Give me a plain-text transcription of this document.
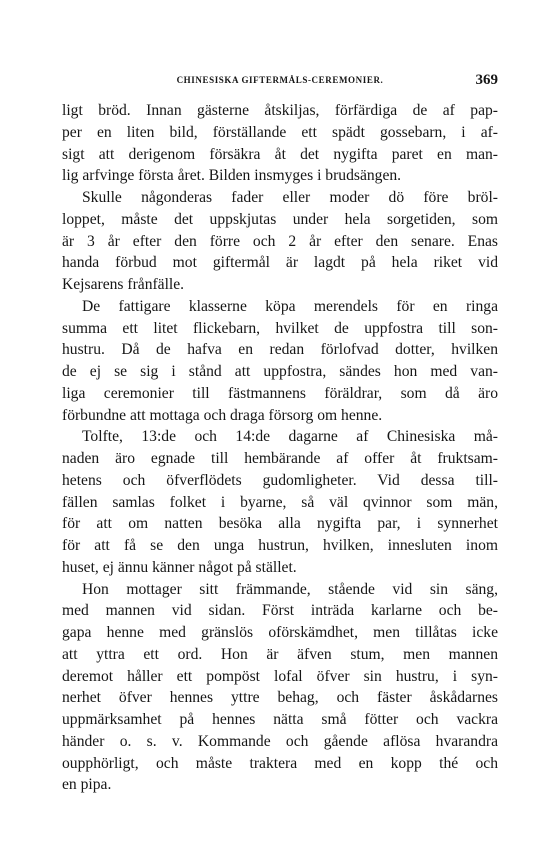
CHINESISKA GIFTERMÅLS-CEREMONIER.	369
ligt bröd. Innan gästerne åtskiljas, förfärdiga de af pap-
per en liten bild, förställande ett spädt gossebarn, i af-
sigt att derigenom försäkra åt det nygifta paret en man-
lig arfvinge första året. Bilden insmyges i brudsängen.
Skulle någonderas fader eller moder dö före bröl-
loppet, måste det uppskjutas under hela sorgetiden, som
är 3 år efter den förre och 2 år efter den senare. Enas
handa förbud mot giftermål är lagdt på hela riket vid
Kejsarens frånfälle.
De fattigare klasserne köpa merendels för en ringa
summa ett litet flickebarn, hvilket de uppfostra till son-
hustru. Då de hafva en redan förlofvad dotter, hvilken
de ej se sig i stånd att uppfostra, sändes hon med van-
liga ceremonier till fästmannens föräldrar, som då äro
förbundne att mottaga och draga försorg om henne.
Tolfte, 13:de och 14:de dagarne af Chinesiska må-
naden äro egnade till hembärande af offer åt fruktsam-
hetens och öfverflödets gudomligheter. Vid dessa till-
fällen samlas folket i byarne, så väl qvinnor som män,
för att om natten besöka alla nygifta par, i synnerhet
för att få se den unga hustrun, hvilken, innesluten inom
huset, ej ännu känner något på stället.
Hon mottager sitt främmande, stående vid sin säng,
med mannen vid sidan. Först inträda karlarne och be-
gapa henne med gränslös oförskämdhet, men tillåtas icke
att yttra ett ord. Hon är äfven stum, men mannen
deremot håller ett pompöst lofal öfver sin hustru, i syn-
nerhet öfver hennes yttre behag, och fäster åskådarnes
uppmärksamhet på hennes nätta små fötter och vackra
händer o. s. v. Kommande och gående aflösa hvarandra
oupphörligt, och måste traktera med en kopp thé och
en pipa.
